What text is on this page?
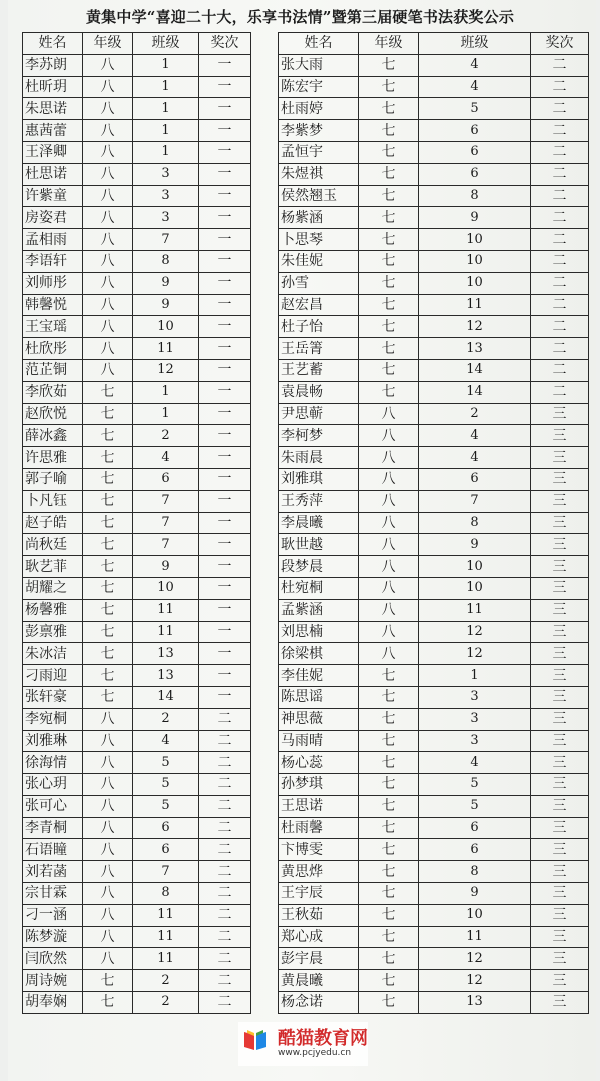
黄集中学“喜迎二十大，乐享书法情”暨第三届硬笔书法获奖公示
姓名	年级	班级	奖次
李苏朗	八	1	一
杜昕玥	八	1	一
朱思诺	八	1	一
惠茜蕾	八	1	一
王泽卿	八	1	一
杜思诺	八	3	一
许紫童	八	3	一
房姿君	八	3	一
孟相雨	八	7	一
李语轩	八	8	一
刘师彤	八	9	一
韩馨悦	八	9	一
王宝瑶	八	10	一
杜欣彤	八	11	一
范芷铜	八	12	一
李欣茹	七	1	一
赵欣悦	七	1	一
薛冰鑫	七	2	一
许思雅	七	4	一
郭子喻	七	6	一
卜凡钰	七	7	一
赵子皓	七	7	一
尚秋廷	七	7	一
耿艺菲	七	9	一
胡耀之	七	10	一
杨馨雅	七	11	一
彭禀雅	七	11	一
朱冰洁	七	13	一
刁雨迎	七	13	一
张轩豪	七	14	一
李宛桐	八	2	二
刘雅琳	八	4	二
徐海情	八	5	二
张心玥	八	5	二
张可心	八	5	二
李青桐	八	6	二
石语瞳	八	6	二
刘若菡	八	7	二
宗甘霖	八	8	二
刁一涵	八	11	二
陈梦漩	八	11	二
闫欣然	八	11	二
周诗婉	七	2	二
胡奉娴	七	2	二
姓名	年级	班级	奖次
张大雨	七	4	二
陈宏宇	七	4	二
杜雨婷	七	5	二
李紫梦	七	6	二
孟恒宇	七	6	二
朱煜祺	七	6	二
侯然翘玉	七	8	二
杨紫涵	七	9	二
卜思琴	七	10	二
朱佳妮	七	10	二
孙雪	七	10	二
赵宏昌	七	11	二
杜子怡	七	12	二
王岳箐	七	13	二
王艺蓄	七	14	二
袁晨畅	七	14	二
尹思蕲	八	2	三
李柯梦	八	4	三
朱雨晨	八	4	三
刘雅琪	八	6	三
王秀萍	八	7	三
李晨曦	八	8	三
耿世越	八	9	三
段梦晨	八	10	三
杜宛桐	八	10	三
孟紫涵	八	11	三
刘思楠	八	12	三
徐梁棋	八	12	三
李佳妮	七	1	三
陈思谣	七	3	三
神思薇	七	3	三
马雨晴	七	3	三
杨心蕊	七	4	三
孙梦琪	七	5	三
王思诺	七	5	三
杜雨馨	七	6	三
卞博雯	七	6	三
黄思烨	七	8	三
王宇辰	七	9	三
王秋茹	七	10	三
郑心成	七	11	三
彭宇晨	七	12	三
黄晨曦	七	12	三
杨念诺	七	13	三
酷猫教育网
www.pcjyedu.cn
